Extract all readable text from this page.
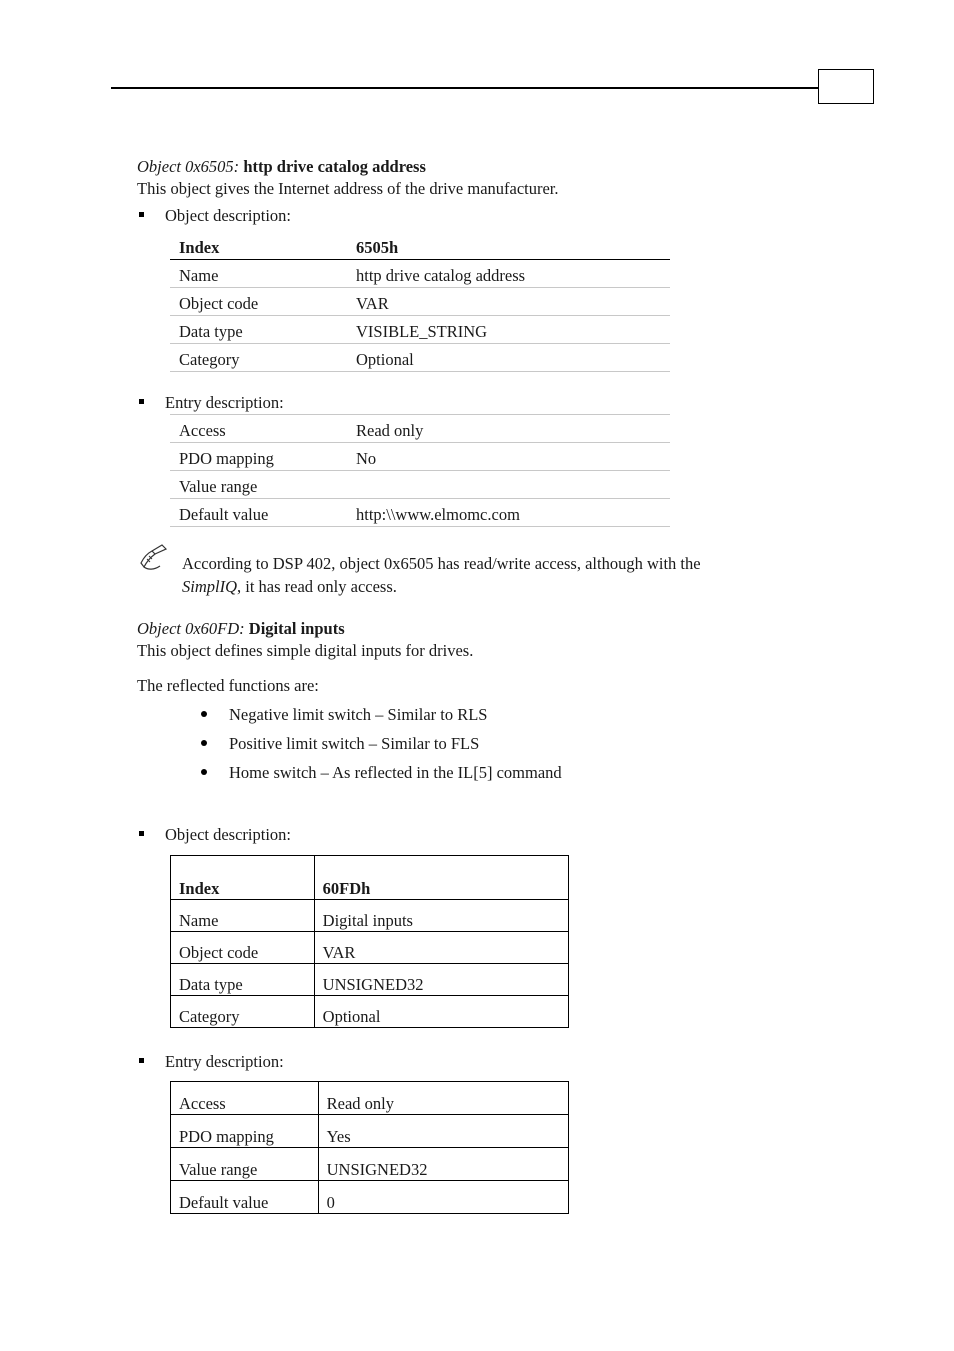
Object 0x6505: http drive catalog address
This object gives the Internet address of the drive manufacturer.
Object description:
Index	6505h
Name	http drive catalog address
Object code	VAR
Data type	VISIBLE_STRING
Category	Optional
Entry description:
Access	Read only
PDO mapping	No
Value range
Default value	http:\\www.elmomc.com
According to DSP 402, object 0x6505 has read/write access, although with the
SimplIQ, it has read only access.
Object 0x60FD: Digital inputs
This object defines simple digital inputs for drives.
The reflected functions are:
Negative limit switch – Similar to RLS
Positive limit switch – Similar to FLS
Home switch – As reflected in the IL[5] command
Object description:
Index	60FDh
Name	Digital inputs
Object code	VAR
Data type	UNSIGNED32
Category	Optional
Entry description:
Access	Read only
PDO mapping	Yes
Value range	UNSIGNED32
Default value	0
